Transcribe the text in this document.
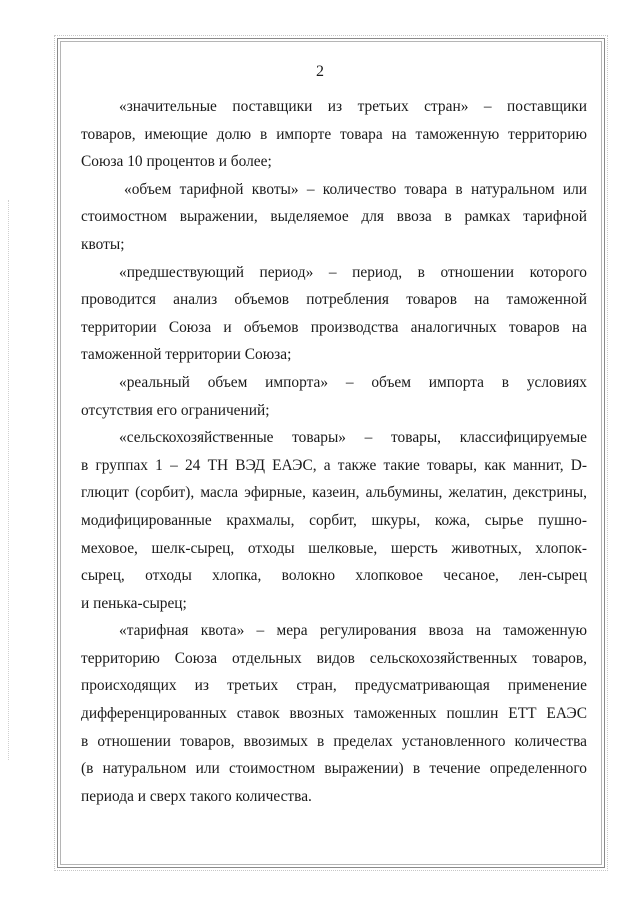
2

«значительные поставщики из третьих стран» – поставщики
товаров, имеющие долю в импорте товара на таможенную территорию
Союза 10 процентов и более;

«объем тарифной квоты» – количество товара в натуральном или
стоимостном выражении, выделяемое для ввоза в рамках тарифной
квоты;

«предшествующий период» – период, в отношении которого
проводится анализ объемов потребления товаров на таможенной
территории Союза и объемов производства аналогичных товаров на
таможенной территории Союза;

«реальный объем импорта» – объем импорта в условиях
отсутствия его ограничений;

«сельскохозяйственные товары» – товары, классифицируемые
в группах 1 – 24 ТН ВЭД ЕАЭС, а также такие товары, как маннит, D-
глюцит (сорбит), масла эфирные, казеин, альбумины, желатин, декстрины,
модифицированные крахмалы, сорбит, шкуры, кожа, сырье пушно-
меховое, шелк-сырец, отходы шелковые, шерсть животных, хлопок-
сырец, отходы хлопка, волокно хлопковое чесаное, лен-сырец
и пенька-сырец;

«тарифная квота» – мера регулирования ввоза на таможенную
территорию Союза отдельных видов сельскохозяйственных товаров,
происходящих из третьих стран, предусматривающая применение
дифференцированных ставок ввозных таможенных пошлин ЕТТ ЕАЭС
в отношении товаров, ввозимых в пределах установленного количества
(в натуральном или стоимостном выражении) в течение определенного
периода и сверх такого количества.
